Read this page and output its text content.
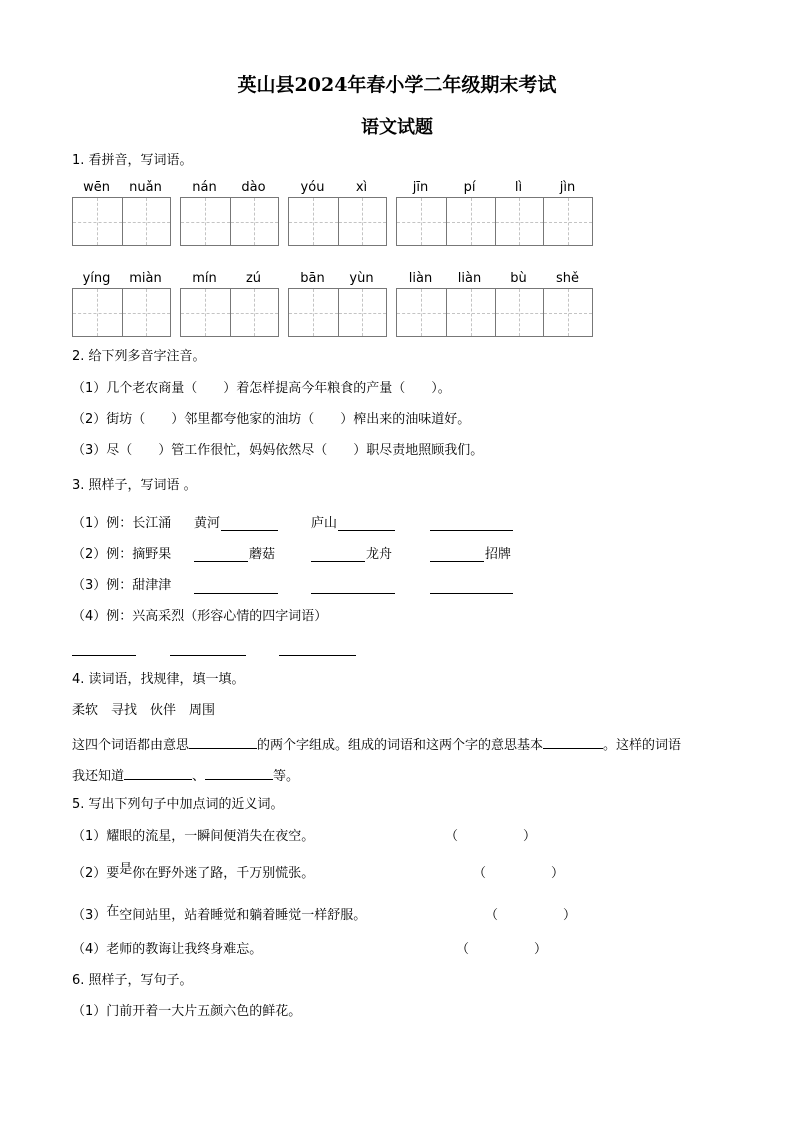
英山县2024年春小学二年级期末考试
语文试题
1. 看拼音，写词语。
wēn	nuǎn	nán	dào	yóu	xì	jīn	pí	lì	jìn
yíng	miàn	mín	zú	bān	yùn	liàn	liàn	bù	shě
2. 给下列多音字注音。
（1）几个老农商量（　　）着怎样提高今年粮食的产量（　　）。
（2）街坊（　　）邻里都夸他家的油坊（　　）榨出来的油味道好。
（3）尽（　　）管工作很忙，妈妈依然尽（　　）职尽责地照顾我们。
3. 照样子，写词语 。
（1）例：长江涌 黄河	庐山
（2）例：摘野果	蘑菇	龙舟	招牌
（3）例：甜津津
（4）例：兴高采烈（形容心情的四字词语）
4. 读词语，找规律，填一填。
柔软　寻找　伙伴　周围
这四个词语都由意思	的两个字组成。组成的词语和这两个字的意思基本	。这样的词语
我还知道	、	等。
5. 写出下列句子中加点词的近义词。
（1）耀眼的流星，一瞬间便消失在夜空。	（　　　　　）
（2）要是你在野外迷了路，千万别慌张。	（　　　　　）
（3）在空间站里，站着睡觉和躺着睡觉一样舒服。	（　　　　　）
（4）老师的教诲让我终身难忘。	（　　　　　）
6. 照样子，写句子。
（1）门前开着一大片五颜六色的鲜花。
